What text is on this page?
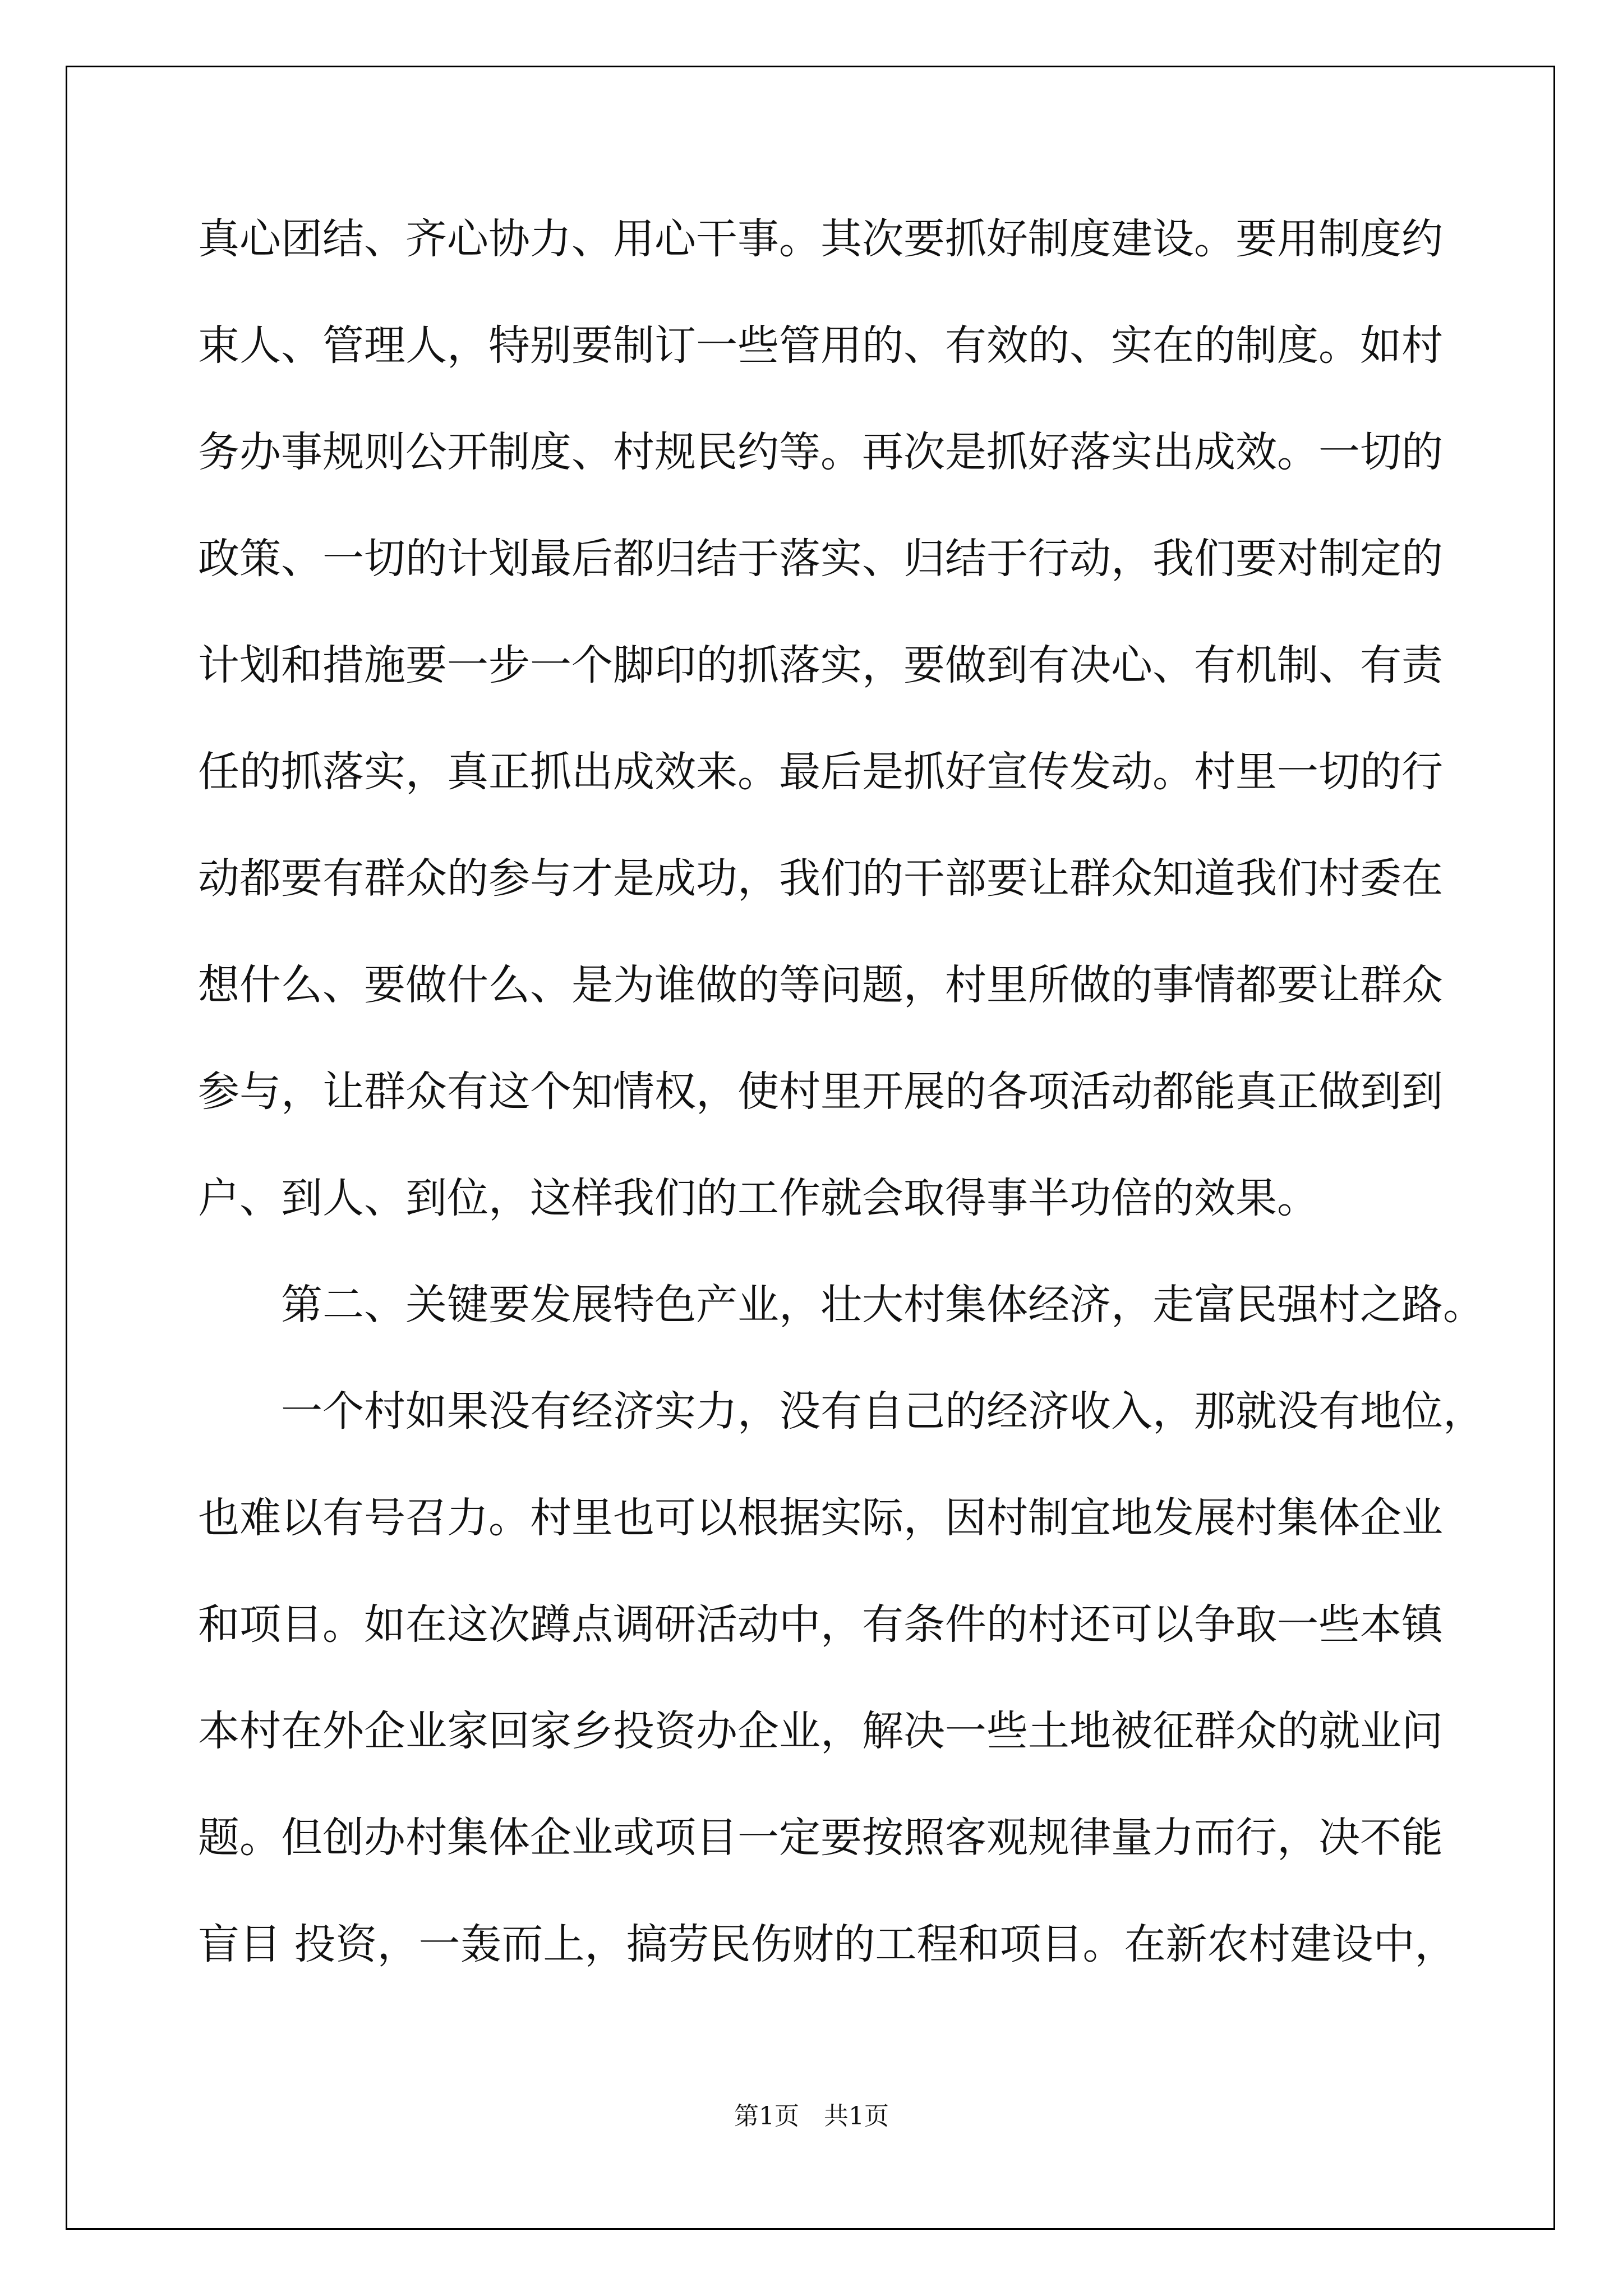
真心团结、齐心协力、用心干事。其次要抓好制度建设。要用制度约
束人、管理人，特别要制订一些管用的、有效的、实在的制度。如村
务办事规则公开制度、村规民约等。再次是抓好落实出成效。一切的
政策、一切的计划最后都归结于落实、归结于行动，我们要对制定的
计划和措施要一步一个脚印的抓落实，要做到有决心、有机制、有责
任的抓落实，真正抓出成效来。最后是抓好宣传发动。村里一切的行
动都要有群众的参与才是成功，我们的干部要让群众知道我们村委在
想什么、要做什么、是为谁做的等问题，村里所做的事情都要让群众
参与，让群众有这个知情权，使村里开展的各项活动都能真正做到到
户、到人、到位，这样我们的工作就会取得事半功倍的效果。
第二、关键要发展特色产业，壮大村集体经济，走富民强村之路。
一个村如果没有经济实力，没有自己的经济收入，那就没有地位，
也难以有号召力。村里也可以根据实际，因村制宜地发展村集体企业
和项目。如在这次蹲点调研活动中，有条件的村还可以争取一些本镇
本村在外企业家回家乡投资办企业，解决一些土地被征群众的就业问
题。但创办村集体企业或项目一定要按照客观规律量力而行，决不能
盲目 投资，一轰而上，搞劳民伤财的工程和项目。在新农村建设中，
第1页 共1页
